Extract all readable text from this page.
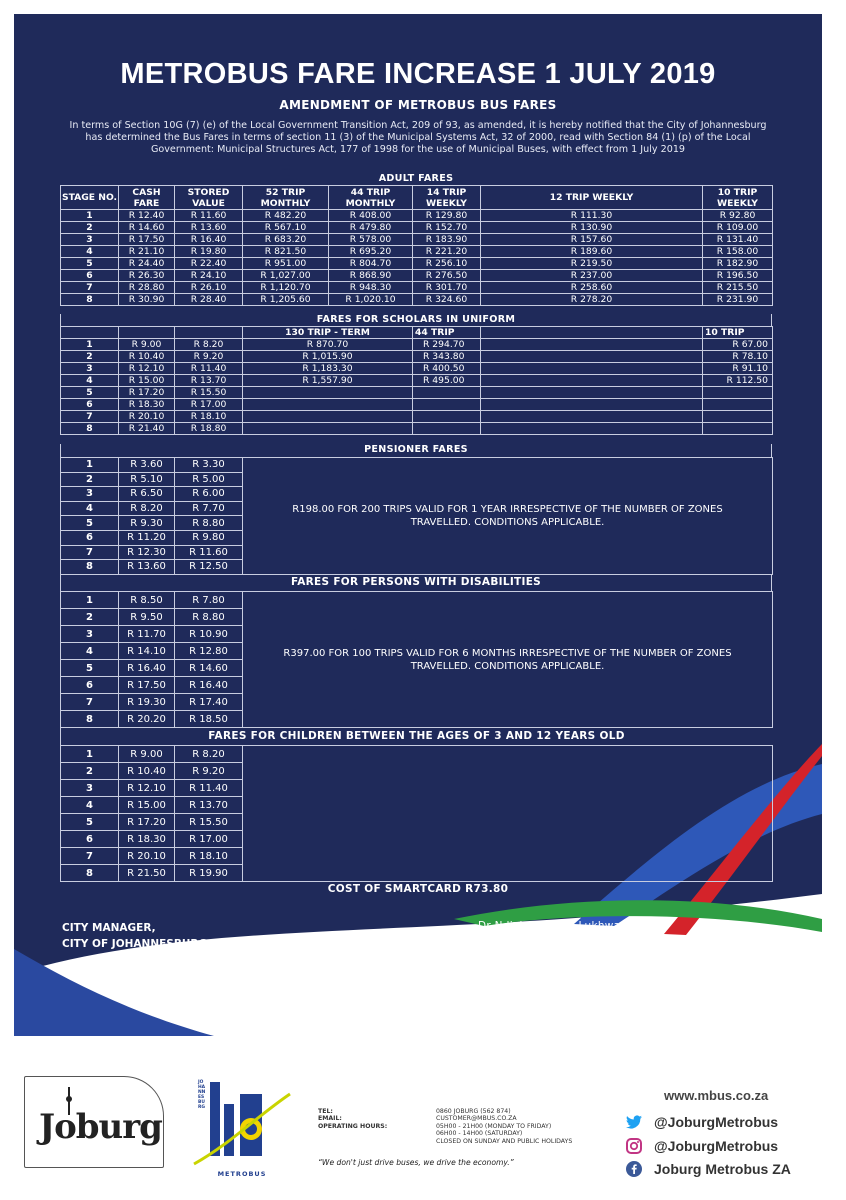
METROBUS FARE INCREASE 1 JULY 2019
AMENDMENT OF METROBUS BUS FARES
In terms of Section 10G (7) (e) of the Local Government Transition Act, 209 of 93, as amended, it is hereby notified that the City of Johannesburg has determined the Bus Fares in terms of section 11 (3) of the Municipal Systems Act, 32 of 2000, read with Section 84 (1) (p) of the Local Government: Municipal Structures Act, 177 of 1998 for the use of Municipal Buses, with effect from 1 July 2019
ADULT FARES
STAGE NO.	CASH FARE	STORED VALUE	52 TRIP MONTHLY	44 TRIP MONTHLY	14 TRIP WEEKLY	12 TRIP WEEKLY	10 TRIP WEEKLY
1	R 12.40	R 11.60	R 482.20	R 408.00	R 129.80	R 111.30	R 92.80
2	R 14.60	R 13.60	R 567.10	R 479.80	R 152.70	R 130.90	R 109.00
3	R 17.50	R 16.40	R 683.20	R 578.00	R 183.90	R 157.60	R 131.40
4	R 21.10	R 19.80	R 821.50	R 695.20	R 221.20	R 189.60	R 158.00
5	R 24.40	R 22.40	R 951.00	R 804.70	R 256.10	R 219.50	R 182.90
6	R 26.30	R 24.10	R 1,027.00	R 868.90	R 276.50	R 237.00	R 196.50
7	R 28.80	R 26.10	R 1,120.70	R 948.30	R 301.70	R 258.60	R 215.50
8	R 30.90	R 28.40	R 1,205.60	R 1,020.10	R 324.60	R 278.20	R 231.90
FARES FOR SCHOLARS IN UNIFORM
			130 TRIP - TERM	44 TRIP		10 TRIP
1	R 9.00	R 8.20	R 870.70	R 294.70		R 67.00
2	R 10.40	R 9.20	R 1,015.90	R 343.80		R 78.10
3	R 12.10	R 11.40	R 1,183.30	R 400.50		R 91.10
4	R 15.00	R 13.70	R 1,557.90	R 495.00		R 112.50
5	R 17.20	R 15.50				
6	R 18.30	R 17.00				
7	R 20.10	R 18.10				
8	R 21.40	R 18.80				
PENSIONER FARES
1	R 3.60	R 3.30	R198.00 FOR 200 TRIPS VALID FOR 1 YEAR IRRESPECTIVE OF THE NUMBER OF ZONES TRAVELLED. CONDITIONS APPLICABLE.
2	R 5.10	R 5.00	
3	R 6.50	R 6.00	
4	R 8.20	R 7.70	
5	R 9.30	R 8.80	
6	R 11.20	R 9.80	
7	R 12.30	R 11.60	
8	R 13.60	R 12.50	
FARES FOR PERSONS WITH DISABILITIES
1	R 8.50	R 7.80	R397.00 FOR 100 TRIPS VALID FOR 6 MONTHS IRRESPECTIVE OF THE NUMBER OF ZONES TRAVELLED. CONDITIONS APPLICABLE.
2	R 9.50	R 8.80	
3	R 11.70	R 10.90	
4	R 14.10	R 12.80	
5	R 16.40	R 14.60	
6	R 17.50	R 16.40	
7	R 19.30	R 17.40	
8	R 20.20	R 18.50	
FARES FOR CHILDREN BETWEEN THE AGES OF 3 AND 12 YEARS OLD
1	R 9.00	R 8.20	
2	R 10.40	R 9.20	
3	R 12.10	R 11.40	
4	R 15.00	R 13.70	
5	R 17.20	R 15.50	
6	R 18.30	R 17.00	
7	R 20.10	R 18.10	
8	R 21.50	R 19.90	
COST OF SMARTCARD R73.80
CITY MANAGER,
CITY OF JOHANNESBURG
Dr Ndivhoniswani Lukhwareni
Joburg
JOHANNESBURG
METROBUS
TEL:	0860 JOBURG (562 874)
EMAIL:	CUSTOMER@MBUS.CO.ZA
OPERATING HOURS:	05H00 - 21H00 (MONDAY TO FRIDAY)
06H00 - 14H00 (SATURDAY)
CLOSED ON SUNDAY AND PUBLIC HOLIDAYS
“We don't just drive buses, we drive the economy.”
www.mbus.co.za
@JoburgMetrobus
@JoburgMetrobus
Joburg Metrobus ZA
